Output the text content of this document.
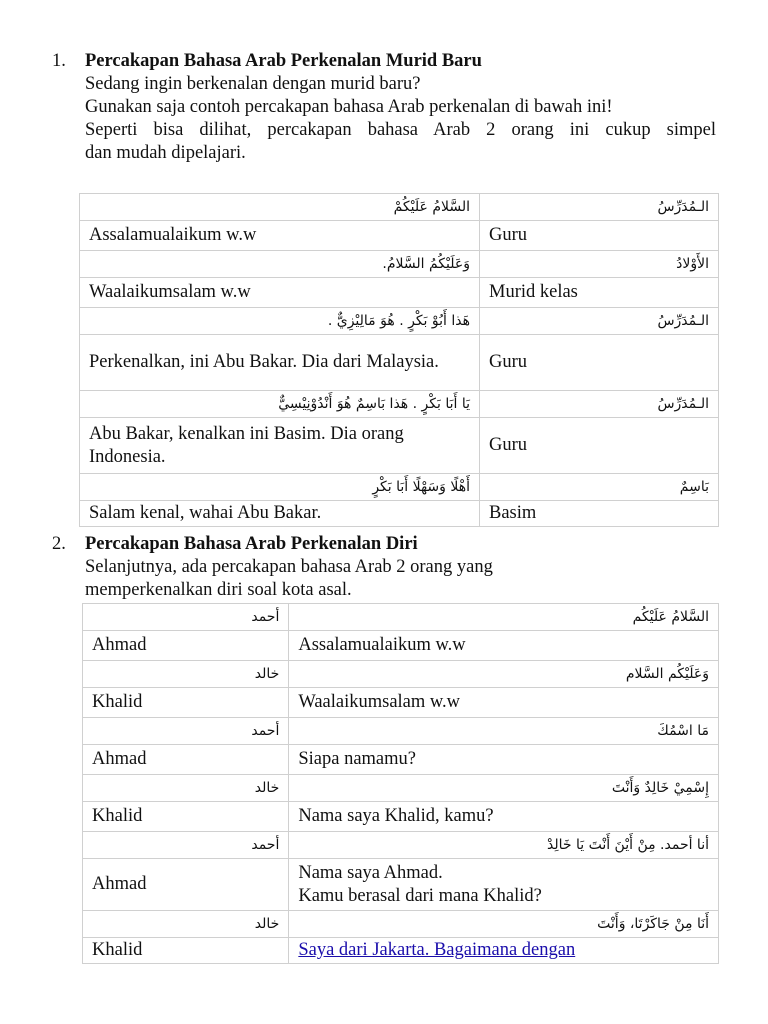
1.	Percakapan Bahasa Arab Perkenalan Murid Baru
Sedang ingin berkenalan dengan murid baru?
Gunakan saja contoh percakapan bahasa Arab perkenalan di bawah ini!
Seperti bisa dilihat, percakapan bahasa Arab 2 orang ini cukup simpel
dan mudah dipelajari.
السَّلامُ عَلَيْكُمْ	الـمُدَرِّسُ
Assalamualaikum w.w	Guru
وَعَلَيْكُمُ السَّلامُ.	الأَوْلادُ
Waalaikumsalam w.w	Murid kelas
هَذا أَبُوْ بَكْرٍ . هُوَ مَالِيْزِيٌّ .	الـمُدَرِّسُ
Perkenalkan, ini Abu Bakar. Dia dari Malaysia.	Guru
يَا أَبَا بَكْرٍ . هَذا بَاسِمٌ هُوَ أَنْدُوْنِيْسِيٌّ	الـمُدَرِّسُ
Abu Bakar, kenalkan ini Basim. Dia orang Indonesia.	Guru
أَهْلًا وَسَهْلًا أَبَا بَكْرٍ	بَاسِمٌ
Salam kenal, wahai Abu Bakar.	Basim
2.	Percakapan Bahasa Arab Perkenalan Diri
Selanjutnya, ada percakapan bahasa Arab 2 orang yang
memperkenalkan diri soal kota asal.
أحمد	السَّلامُ عَلَيْكُم
Ahmad	Assalamualaikum w.w
خالد	وَعَلَيْكُم السَّلام
Khalid	Waalaikumsalam w.w
أحمد	مَا اسْمُكَ
Ahmad	Siapa namamu?
خالد	إِسْمِيْ خَالِدٌ وَأَنْتَ
Khalid	Nama saya Khalid, kamu?
أحمد	أنا أحمد. مِنْ أَيْنَ أَنْتَ يَا خَالِدْ
Ahmad	Nama saya Ahmad.
Kamu berasal dari mana Khalid?

خالد	أَنَا مِنْ جَاكَرْتَا، وَأَنْتَ
Khalid	Saya dari Jakarta. Bagaimana dengan
